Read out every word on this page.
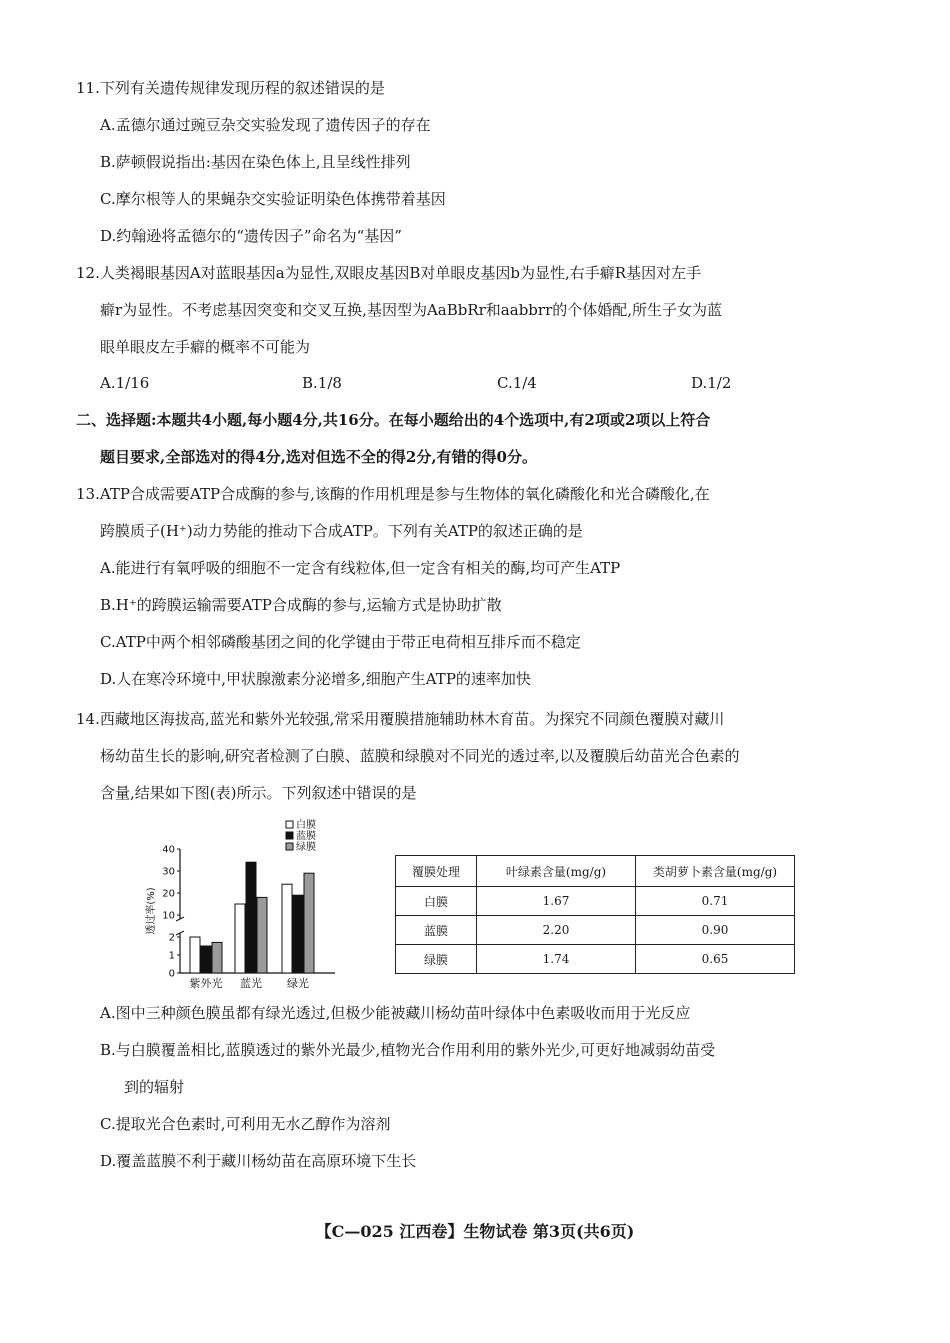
11.下列有关遗传规律发现历程的叙述错误的是
A.孟德尔通过豌豆杂交实验发现了遗传因子的存在
B.萨顿假说指出:基因在染色体上,且呈线性排列
C.摩尔根等人的果蝇杂交实验证明染色体携带着基因
D.约翰逊将孟德尔的“遗传因子”命名为“基因”
12.人类褐眼基因A对蓝眼基因a为显性,双眼皮基因B对单眼皮基因b为显性,右手癖R基因对左手
癖r为显性。不考虑基因突变和交叉互换,基因型为AaBbRr和aabbrr的个体婚配,所生子女为蓝
眼单眼皮左手癖的概率不可能为
A.1/16	B.1/8	C.1/4	D.1/2
二、选择题:本题共4小题,每小题4分,共16分。在每小题给出的4个选项中,有2项或2项以上符合
题目要求,全部选对的得4分,选对但选不全的得2分,有错的得0分。
13.ATP合成需要ATP合成酶的参与,该酶的作用机理是参与生物体的氧化磷酸化和光合磷酸化,在
跨膜质子(H⁺)动力势能的推动下合成ATP。下列有关ATP的叙述正确的是
A.能进行有氧呼吸的细胞不一定含有线粒体,但一定含有相关的酶,均可产生ATP
B.H⁺的跨膜运输需要ATP合成酶的参与,运输方式是协助扩散
C.ATP中两个相邻磷酸基团之间的化学键由于带正电荷相互排斥而不稳定
D.人在寒冷环境中,甲状腺激素分泌增多,细胞产生ATP的速率加快
14.西藏地区海拔高,蓝光和紫外光较强,常采用覆膜措施辅助林木育苗。为探究不同颜色覆膜对藏川
杨幼苗生长的影响,研究者检测了白膜、蓝膜和绿膜对不同光的透过率,以及覆膜后幼苗光合色素的
含量,结果如下图(表)所示。下列叙述中错误的是
0
1
2
10
20
30
40
透过率(%)
紫外光 蓝光 绿光
白膜
蓝膜
绿膜
覆膜处理	叶绿素含量(mg/g)	类胡萝卜素含量(mg/g)
白膜	1.67	0.71
蓝膜	2.20	0.90
绿膜	1.74	0.65
A.图中三种颜色膜虽都有绿光透过,但极少能被藏川杨幼苗叶绿体中色素吸收而用于光反应
B.与白膜覆盖相比,蓝膜透过的紫外光最少,植物光合作用利用的紫外光少,可更好地减弱幼苗受
到的辐射
C.提取光合色素时,可利用无水乙醇作为溶剂
D.覆盖蓝膜不利于藏川杨幼苗在高原环境下生长
【C—025 江西卷】生物试卷 第3页(共6页)
